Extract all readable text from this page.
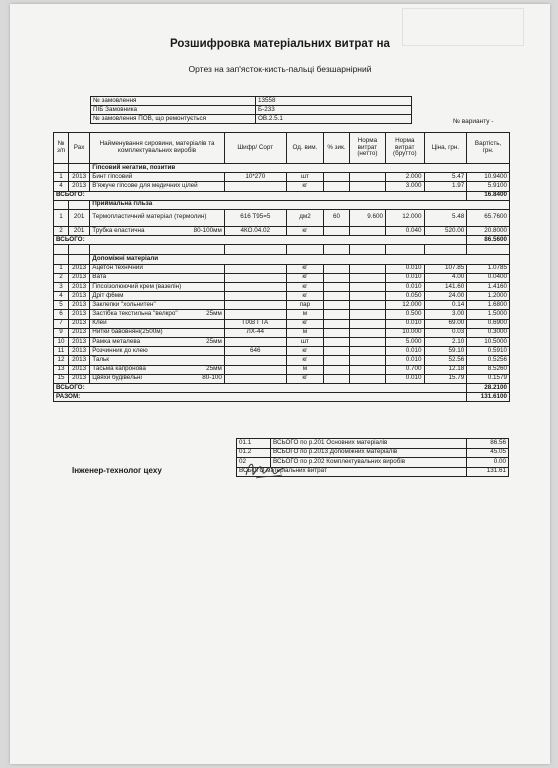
Розшифровка матеріальних витрат на
Ортез на зап'ясток-кисть-пальці безшарнірний
№ замовлення	13558
ПІБ Замовника	Б-233
№ замовлення ПОВ, що ремонтується	ОВ.2.5.1	№ варианту -
№ з/п	Рах	Найменування сировини, матеріалів та комплектувальних виробів	Шифр/ Сорт	Од. вим.	% зик.	Норма витрат (нетто)	Норма витрат (брутто)	Ціна, грн.	Вартість, грн.
		Гіпсовий негатив, позитив							
1	2013	Бинт гіпсовий	10*270	шт			2.000	5.47	10.9400
4	2013	В'яжуче гіпсове для медичних цілей		кг			3.000	1.97	5.9100
ВСЬОГО:									16.8400
		Приймальна гільза							
1	201	Термопластичний матеріал (термолин)	616 T95=5	дм2	60	9.600	12.000	5.48	65.7600
2	201	Трубка еластична 80-100мм	4КО.04.02	кг			0.040	520.00	20.8000
ВСЬОГО:									86.5600

		Допоміжні матеріали							
1	2013	Ацетон технічний		кг			0.010	107.85	1.0785
2	2013	Вата		кг			0.010	4.00	0.0400
3	2013	Гіпсоізолюючий крем (вазелін)		кг			0.010	141.60	1.4160
4	2013	Дріт ф6мм		кг			0.050	24.00	1.2000
5	2013	Заклепки "хольнитен"		пар			12.000	0.14	1.6800
6	2013	Застібка текстильна "велкро" 25мм		м			0.500	3.00	1.5000
7	2013	Клей	ПХВ ГТА	кг			0.010	69.00	0.6900
9	2013	Нитки бавовняні(2500м)	ЛХ-44	м			10.000	0.03	0.3000
10	2013	Рамка металева 25мм		шт			5.000	2.10	10.5000
11	2013	Розчинник до клею	646	кг			0.010	59.10	0.5910
12	2013	Тальк		кг			0.010	52.56	0.5256
13	2013	Тасьма капронова 25мм		м			0.700	12.18	8.5260
15	2013	Цвяхи будівельні 80-100		кг			0.010	15.79	0.1579
ВСЬОГО:									28.2100
РАЗОМ:									131.6100
01.1	ВСЬОГО по р.201 Основних матеріалів	86.56
01.2	ВСЬОГО по р.2013 Допоміжних матеріалів	45.05
02	ВСЬОГО по р.202 Комплектувальних виробів	0.00
ВСЬОГО матеріальних витрат		131.61
Інженер-технолог цеху
